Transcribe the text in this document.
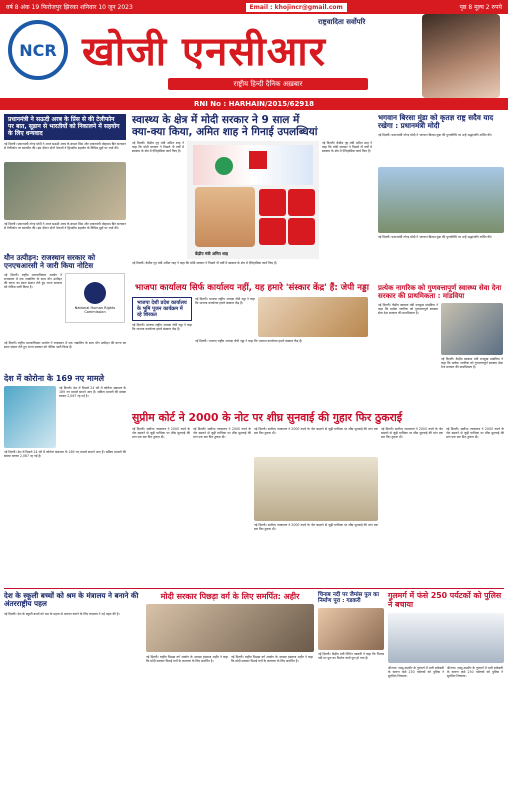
वर्ष 8 अंक 19 फिरोजपुर झिरका शनिवार 10 जून 2023	Email : khojincr@gmail.com	पृष्ठ 8 मूल्य 2 रुपये
NCR
राष्ट्रवादिता सर्वोपरि
खोजी एनसीआर
राष्ट्रीय हिन्दी दैनिक अख़बार
RNI No : HARHAIN/2015/62918
प्रधानमंत्री ने सऊदी अरब के प्रिंस से की टेलीफोन पर बात, सूडान से भारतीयों को निकालने में सहयोग के लिए धन्यवाद
नई दिल्ली। प्रधानमंत्री नरेन्द्र मोदी ने आज सऊदी अरब के क्राउन प्रिंस और प्रधानमंत्री मोहम्मद बिन सलमान से टेलीफोन पर बातचीत की। इस दौरान दोनों नेताओं ने द्विपक्षीय सहयोग के विभिन्न मुद्दों पर चर्चा की।
नई दिल्ली। प्रधानमंत्री नरेन्द्र मोदी ने आज सऊदी अरब के क्राउन प्रिंस और प्रधानमंत्री मोहम्मद बिन सलमान से टेलीफोन पर बातचीत की। इस दौरान दोनों नेताओं ने द्विपक्षीय सहयोग के विभिन्न मुद्दों पर चर्चा की।
यौन उत्पीड़न: राजस्थान सरकार को एनएचआरसी ने जारी किया नोटिस
नई दिल्ली। राष्ट्रीय मानवाधिकार आयोग ने राजस्थान में एक नाबालिग के साथ यौन उत्पीड़न की घटना का स्वतः संज्ञान लेते हुए राज्य सरकार को नोटिस जारी किया है।
National Human Rights Commission
नई दिल्ली। राष्ट्रीय मानवाधिकार आयोग ने राजस्थान में एक नाबालिग के साथ यौन उत्पीड़न की घटना का स्वतः संज्ञान लेते हुए राज्य सरकार को नोटिस जारी किया है।
देश में कोरोना के 169 नए मामले
नई दिल्ली। देश में पिछले 24 घंटे में कोरोना संक्रमण के 169 नए मामले सामने आए हैं। सक्रिय मामलों की संख्या घटकर 2,067 रह गई है।
नई दिल्ली। देश में पिछले 24 घंटे में कोरोना संक्रमण के 169 नए मामले सामने आए हैं। सक्रिय मामलों की संख्या घटकर 2,067 रह गई है।
स्वास्थ्य के क्षेत्र में मोदी सरकार ने 9 साल में
क्या-क्या किया, अमित शाह ने गिनाई उपलब्धियां
नई दिल्ली। केंद्रीय गृह मंत्री अमित शाह ने कहा कि मोदी सरकार ने पिछले नौ वर्षों में स्वास्थ्य के क्षेत्र में ऐतिहासिक कार्य किए हैं।
केंद्रीय मंत्री अमित शाह
नई दिल्ली। केंद्रीय गृह मंत्री अमित शाह ने कहा कि मोदी सरकार ने पिछले नौ वर्षों में स्वास्थ्य के क्षेत्र में ऐतिहासिक कार्य किए हैं।
नई दिल्ली। केंद्रीय गृह मंत्री अमित शाह ने कहा कि मोदी सरकार ने पिछले नौ वर्षों में स्वास्थ्य के क्षेत्र में ऐतिहासिक कार्य किए हैं।
भगवान बिरसा मुंडा को कृतज्ञ राष्ट्र सदैव याद रखेगा : प्रधानमंत्री मोदी
नई दिल्ली। प्रधानमंत्री नरेन्द्र मोदी ने भगवान बिरसा मुंडा की पुण्यतिथि पर उन्हें श्रद्धांजलि अर्पित की।
नई दिल्ली। प्रधानमंत्री नरेन्द्र मोदी ने भगवान बिरसा मुंडा की पुण्यतिथि पर उन्हें श्रद्धांजलि अर्पित की।
भाजपा कार्यालय सिर्फ कार्यालय नहीं, यह हमारे 'संस्कार केंद्र' हैं: जेपी नड्डा
भाजपा देशी प्रदेश कार्यालय के भूमि पूजन कार्यक्रम में रहे शिरकत
नई दिल्ली। भाजपा राष्ट्रीय अध्यक्ष जेपी नड्डा ने कहा कि भाजपा कार्यालय हमारे संस्कार केंद्र हैं।
नई दिल्ली। भाजपा राष्ट्रीय अध्यक्ष जेपी नड्डा ने कहा कि भाजपा कार्यालय हमारे संस्कार केंद्र हैं।
नई दिल्ली। भाजपा राष्ट्रीय अध्यक्ष जेपी नड्डा ने कहा कि भाजपा कार्यालय हमारे संस्कार केंद्र हैं।
प्रत्येक नागरिक को गुणवत्तापूर्ण स्वास्थ्य सेवा देना सरकार की प्राथमिकता : मांडविया
नई दिल्ली। केंद्रीय स्वास्थ्य मंत्री मनसुख मांडविया ने कहा कि प्रत्येक नागरिक को गुणवत्तापूर्ण स्वास्थ्य सेवा देना सरकार की प्राथमिकता है।
नई दिल्ली। केंद्रीय स्वास्थ्य मंत्री मनसुख मांडविया ने कहा कि प्रत्येक नागरिक को गुणवत्तापूर्ण स्वास्थ्य सेवा देना सरकार की प्राथमिकता है।
सुप्रीम कोर्ट ने 2000 के नोट पर शीघ्र सुनवाई की गुहार फिर ठुकराई
नई दिल्ली। सर्वोच्च न्यायालय ने 2000 रुपये के नोट बदलने से जुड़ी याचिका पर शीघ्र सुनवाई की मांग एक बार फिर ठुकरा दी।
नई दिल्ली। सर्वोच्च न्यायालय ने 2000 रुपये के नोट बदलने से जुड़ी याचिका पर शीघ्र सुनवाई की मांग एक बार फिर ठुकरा दी।
नई दिल्ली। सर्वोच्च न्यायालय ने 2000 रुपये के नोट बदलने से जुड़ी याचिका पर शीघ्र सुनवाई की मांग एक बार फिर ठुकरा दी।
नई दिल्ली। सर्वोच्च न्यायालय ने 2000 रुपये के नोट बदलने से जुड़ी याचिका पर शीघ्र सुनवाई की मांग एक बार फिर ठुकरा दी।
नई दिल्ली। सर्वोच्च न्यायालय ने 2000 रुपये के नोट बदलने से जुड़ी याचिका पर शीघ्र सुनवाई की मांग एक बार फिर ठुकरा दी।
नई दिल्ली। सर्वोच्च न्यायालय ने 2000 रुपये के नोट बदलने से जुड़ी याचिका पर शीघ्र सुनवाई की मांग एक बार फिर ठुकरा दी।
देश के स्कूली बच्चों को श्रम के मंत्रालय ने बनाने की अंतरराष्ट्रीय पहल
नई दिल्ली। देश के स्कूली बच्चों को श्रम के महत्व से अवगत कराने के लिए मंत्रालय ने नई पहल की है।
मोदी सरकार पिछड़ा वर्ग के लिए समर्पित: अहीर
नई दिल्ली। राष्ट्रीय पिछड़ा वर्ग आयोग के अध्यक्ष हंसराज अहीर ने कहा कि मोदी सरकार पिछड़े वर्गों के कल्याण के लिए समर्पित है।
नई दिल्ली। राष्ट्रीय पिछड़ा वर्ग आयोग के अध्यक्ष हंसराज अहीर ने कहा कि मोदी सरकार पिछड़े वर्गों के कल्याण के लिए समर्पित है।
चिनाब नदी पर जैमांस पुल का निर्माण पूरा : गडकरी
नई दिल्ली। केंद्रीय मंत्री नितिन गडकरी ने कहा कि चिनाब नदी पर पुल का निर्माण कार्य पूरा हो गया है।
गुलमर्ग में फंसे 250 पर्यटकों को पुलिस ने बचाया
श्रीनगर। जम्मू-कश्मीर के गुलमर्ग में भारी बर्फबारी के कारण फंसे 250 पर्यटकों को पुलिस ने सुरक्षित निकाला।
श्रीनगर। जम्मू-कश्मीर के गुलमर्ग में भारी बर्फबारी के कारण फंसे 250 पर्यटकों को पुलिस ने सुरक्षित निकाला।
